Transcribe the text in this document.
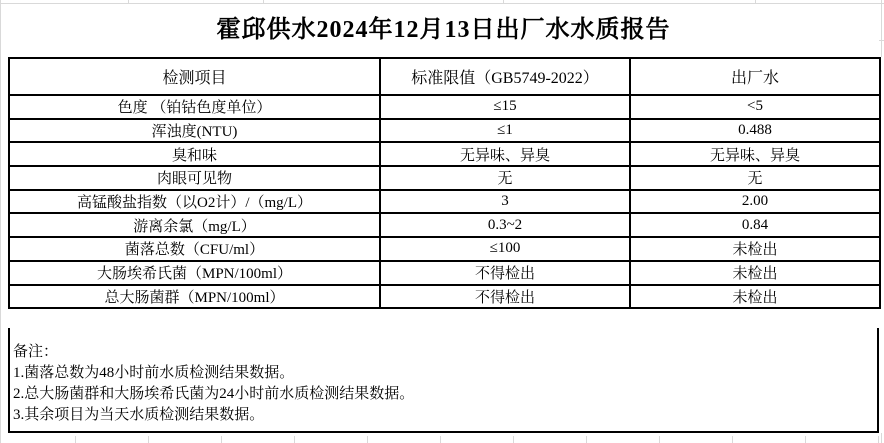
霍邱供水2024年12月13日出厂水水质报告
检测项目	标准限值（GB5749-2022）	出厂水
色度 （铂钴色度单位）	≤15	<5
浑浊度(NTU)	≤1	0.488
臭和味	无异味、异臭	无异味、异臭
肉眼可见物	无	无
高锰酸盐指数（以O2计）/（mg/L）	3	2.00
游离余氯（mg/L）	0.3~2	0.84
菌落总数（CFU/ml）	≤100	未检出
大肠埃希氏菌（MPN/100ml）	不得检出	未检出
总大肠菌群（MPN/100ml）	不得检出	未检出
备注：
1.菌落总数为48小时前水质检测结果数据。
2.总大肠菌群和大肠埃希氏菌为24小时前水质检测结果数据。
3.其余项目为当天水质检测结果数据。
